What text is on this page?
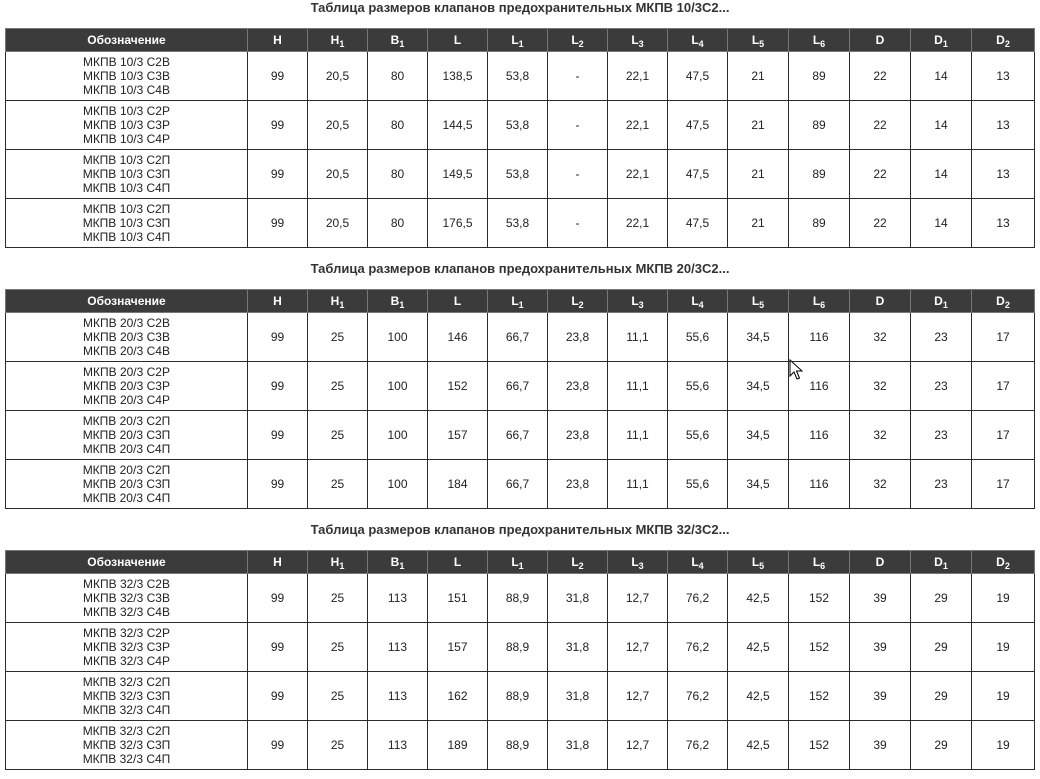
Таблица размеров клапанов предохранительных МКПВ 10/3С2...
Обозначение	H	$H_1$	$B_1$	L	$L_1$	$L_2$	$L_3$	$L_4$	$L_5$	$L_6$	D	$D_1$	$D_2$

МКПВ 10/3 С2В
МКПВ 10/3 С3В
МКПВ 10/3 С4В	99	20,5	80	138,5	53,8	-	22,1	47,5	21	89	22	14	13

МКПВ 10/3 С2Р
МКПВ 10/3 С3Р
МКПВ 10/3 С4Р	99	20,5	80	144,5	53,8	-	22,1	47,5	21	89	22	14	13

МКПВ 10/3 С2П
МКПВ 10/3 С3П
МКПВ 10/3 С4П	99	20,5	80	149,5	53,8	-	22,1	47,5	21	89	22	14	13

МКПВ 10/3 С2П
МКПВ 10/3 С3П
МКПВ 10/3 С4П	99	20,5	80	176,5	53,8	-	22,1	47,5	21	89	22	14	13
Таблица размеров клапанов предохранительных МКПВ 20/3С2...
Обозначение	H	$H_1$	$B_1$	L	$L_1$	$L_2$	$L_3$	$L_4$	$L_5$	$L_6$	D	$D_1$	$D_2$

МКПВ 20/3 С2В
МКПВ 20/3 С3В
МКПВ 20/3 С4В	99	25	100	146	66,7	23,8	11,1	55,6	34,5	116	32	23	17

МКПВ 20/3 С2Р
МКПВ 20/3 С3Р
МКПВ 20/3 С4Р	99	25	100	152	66,7	23,8	11,1	55,6	34,5	116	32	23	17

МКПВ 20/3 С2П
МКПВ 20/3 С3П
МКПВ 20/3 С4П	99	25	100	157	66,7	23,8	11,1	55,6	34,5	116	32	23	17

МКПВ 20/3 С2П
МКПВ 20/3 С3П
МКПВ 20/3 С4П	99	25	100	184	66,7	23,8	11,1	55,6	34,5	116	32	23	17
Таблица размеров клапанов предохранительных МКПВ 32/3С2...
Обозначение	H	$H_1$	$B_1$	L	$L_1$	$L_2$	$L_3$	$L_4$	$L_5$	$L_6$	D	$D_1$	$D_2$

МКПВ 32/3 С2В
МКПВ 32/3 С3В
МКПВ 32/3 С4В	99	25	113	151	88,9	31,8	12,7	76,2	42,5	152	39	29	19

МКПВ 32/3 С2Р
МКПВ 32/3 С3Р
МКПВ 32/3 С4Р	99	25	113	157	88,9	31,8	12,7	76,2	42,5	152	39	29	19

МКПВ 32/3 С2П
МКПВ 32/3 С3П
МКПВ 32/3 С4П	99	25	113	162	88,9	31,8	12,7	76,2	42,5	152	39	29	19

МКПВ 32/3 С2П
МКПВ 32/3 С3П
МКПВ 32/3 С4П	99	25	113	189	88,9	31,8	12,7	76,2	42,5	152	39	29	19
